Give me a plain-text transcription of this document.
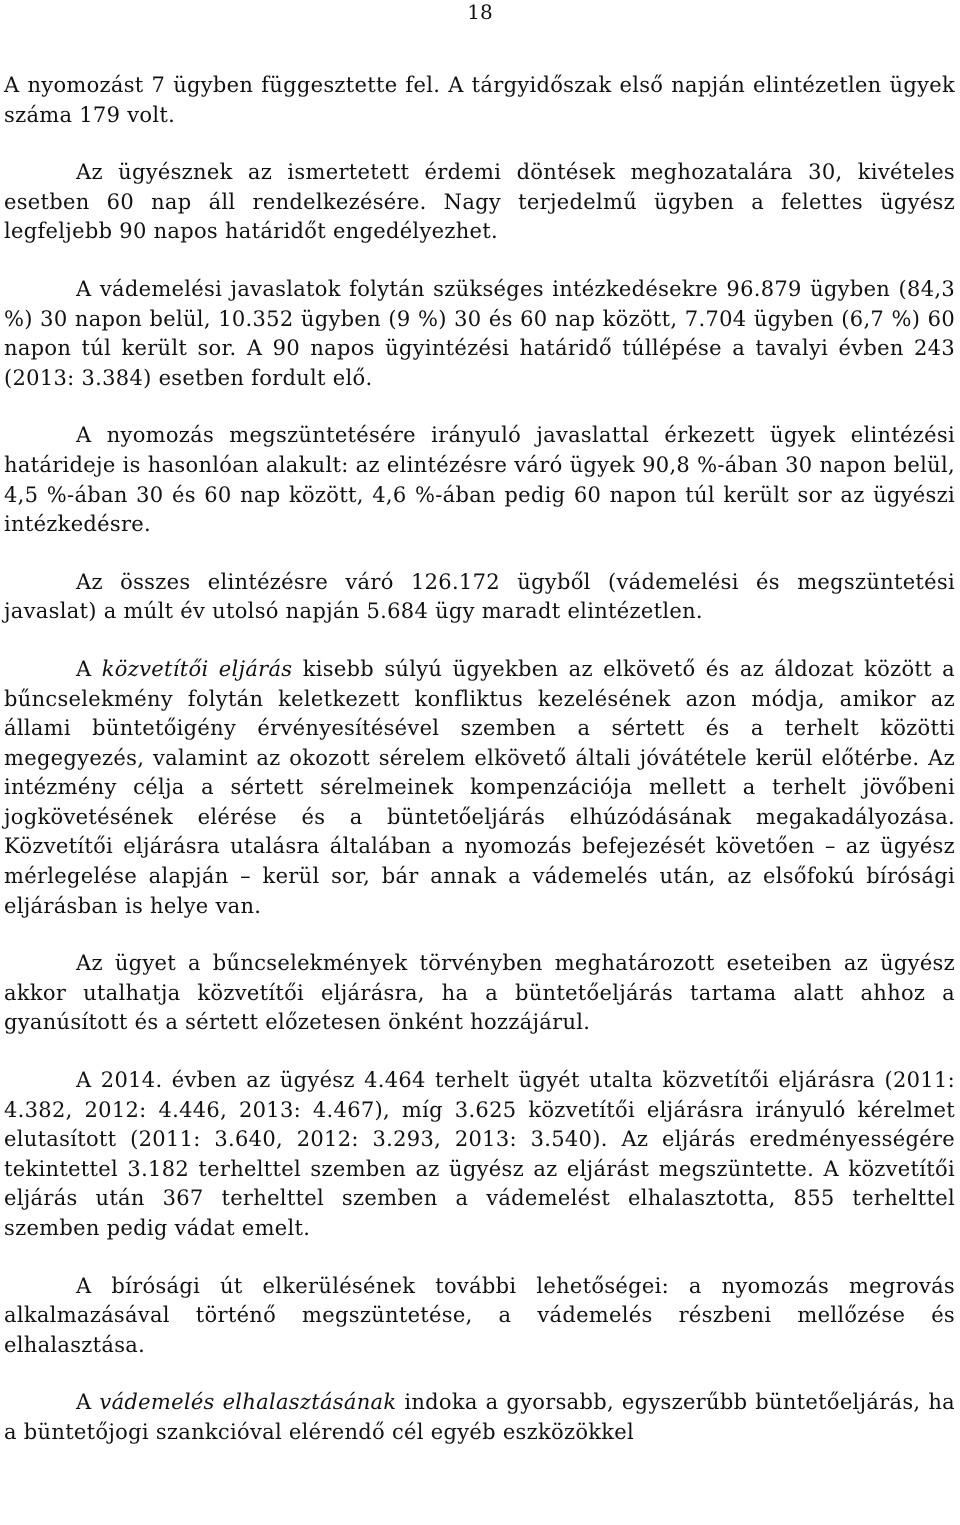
18

A nyomozást 7 ügyben függesztette fel. A tárgyidőszak első napján elintézetlen ügyek száma 179 volt.

Az ügyésznek az ismertetett érdemi döntések meghozatalára 30, kivételes esetben 60 nap áll rendelkezésére. Nagy terjedelmű ügyben a felettes ügyész legfeljebb 90 napos határidőt engedélyezhet.

A vádemelési javaslatok folytán szükséges intézkedésekre 96.879 ügyben (84,3 %) 30 napon belül, 10.352 ügyben (9 %) 30 és 60 nap között, 7.704 ügyben (6,7 %) 60 napon túl került sor. A 90 napos ügyintézési határidő túllépése a tavalyi évben 243 (2013: 3.384) esetben fordult elő.

A nyomozás megszüntetésére irányuló javaslattal érkezett ügyek elintézési határideje is hasonlóan alakult: az elintézésre váró ügyek 90,8 %-ában 30 napon belül, 4,5 %-ában 30 és 60 nap között, 4,6 %-ában pedig 60 napon túl került sor az ügyészi intézkedésre.

Az összes elintézésre váró 126.172 ügyből (vádemelési és megszüntetési javaslat) a múlt év utolsó napján 5.684 ügy maradt elintézetlen.

A közvetítői eljárás kisebb súlyú ügyekben az elkövető és az áldozat között a bűncselekmény folytán keletkezett konfliktus kezelésének azon módja, amikor az állami büntetőigény érvényesítésével szemben a sértett és a terhelt közötti megegyezés, valamint az okozott sérelem elkövető általi jóvátétele kerül előtérbe. Az intézmény célja a sértett sérelmeinek kompenzációja mellett a terhelt jövőbeni jogkövetésének elérése és a büntetőeljárás elhúzódásának megakadályozása. Közvetítői eljárásra utalásra általában a nyomozás befejezését követően – az ügyész mérlegelése alapján – kerül sor, bár annak a vádemelés után, az elsőfokú bírósági eljárásban is helye van.

Az ügyet a bűncselekmények törvényben meghatározott eseteiben az ügyész akkor utalhatja közvetítői eljárásra, ha a büntetőeljárás tartama alatt ahhoz a gyanúsított és a sértett előzetesen önként hozzájárul.

A 2014. évben az ügyész 4.464 terhelt ügyét utalta közvetítői eljárásra (2011: 4.382, 2012: 4.446, 2013: 4.467), míg 3.625 közvetítői eljárásra irányuló kérelmet elutasított (2011: 3.640, 2012: 3.293, 2013: 3.540). Az eljárás eredményességére tekintettel 3.182 terhelttel szemben az ügyész az eljárást megszüntette. A közvetítői eljárás után 367 terhelttel szemben a vádemelést elhalasztotta, 855 terhelttel szemben pedig vádat emelt.

A bírósági út elkerülésének további lehetőségei: a nyomozás megrovás alkalmazásával történő megszüntetése, a vádemelés részbeni mellőzése és elhalasztása.

A vádemelés elhalasztásának indoka a gyorsabb, egyszerűbb büntetőeljárás, ha a büntetőjogi szankcióval elérendő cél egyéb eszközökkel
